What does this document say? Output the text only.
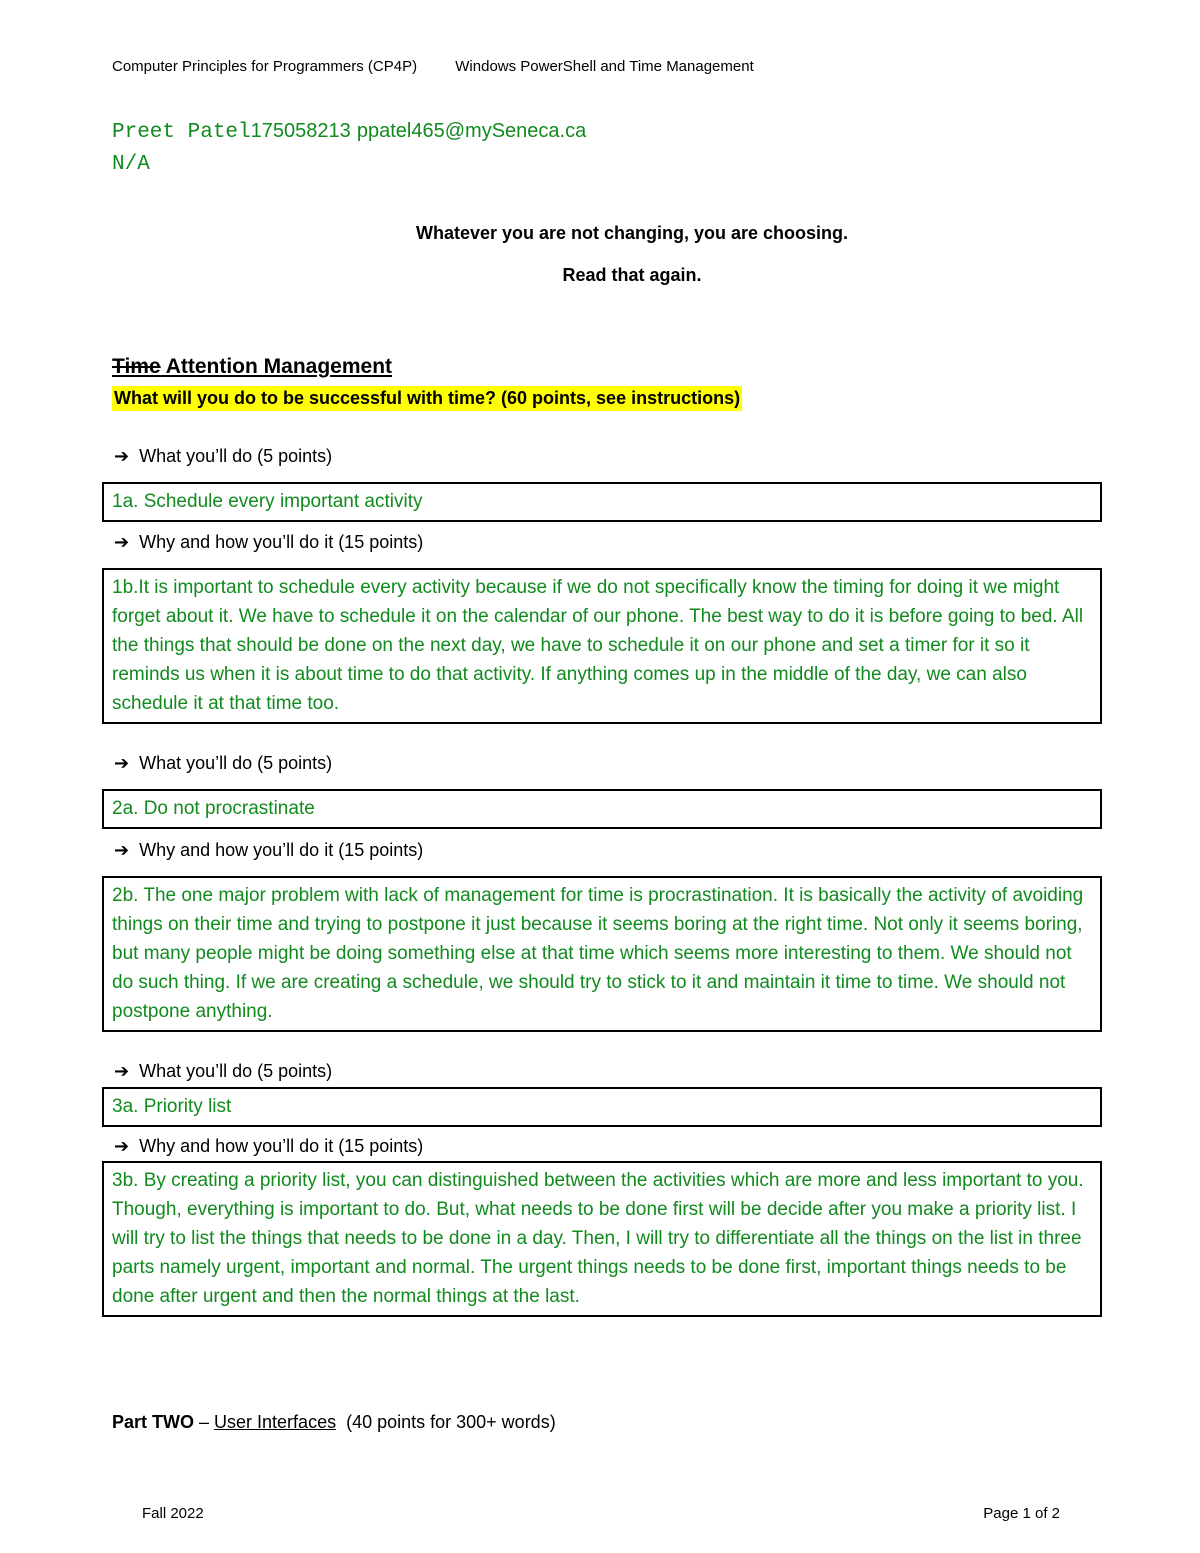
Computer Principles for Programmers (CP4P)	Windows PowerShell and Time Management
Preet Patel175058213 ppatel465@mySeneca.ca
N/A
Whatever you are not changing, you are choosing.
Read that again.
Time Attention Management
What will you do to be successful with time? (60 points, see instructions)
➔ What you’ll do (5 points)
1a. Schedule every important activity
➔ Why and how you’ll do it (15 points)
1b.It is important to schedule every activity because if we do not specifically know the timing for doing it we might forget about it. We have to schedule it on the calendar of our phone. The best way to do it is before going to bed. All the things that should be done on the next day, we have to schedule it on our phone and set a timer for it so it reminds us when it is about time to do that activity. If anything comes up in the middle of the day, we can also schedule it at that time too.
➔ What you’ll do (5 points)
2a. Do not procrastinate
➔ Why and how you’ll do it (15 points)
2b. The one major problem with lack of management for time is procrastination. It is basically the activity of avoiding things on their time and trying to postpone it just because it seems boring at the right time. Not only it seems boring, but many people might be doing something else at that time which seems more interesting to them. We should not do such thing. If we are creating a schedule, we should try to stick to it and maintain it time to time. We should not postpone anything.
➔ What you’ll do (5 points)
3a. Priority list
➔ Why and how you’ll do it (15 points)
3b. By creating a priority list, you can distinguished between the activities which are more and less important to you. Though, everything is important to do. But, what needs to be done first will be decide after you make a priority list. I will try to list the things that needs to be done in a day. Then, I will try to differentiate all the things on the list in three parts namely urgent, important and normal. The urgent things needs to be done first, important things needs to be done after urgent and then the normal things at the last.
Part TWO – User Interfaces  (40 points for 300+ words)
Fall 2022	Page 1 of 2
